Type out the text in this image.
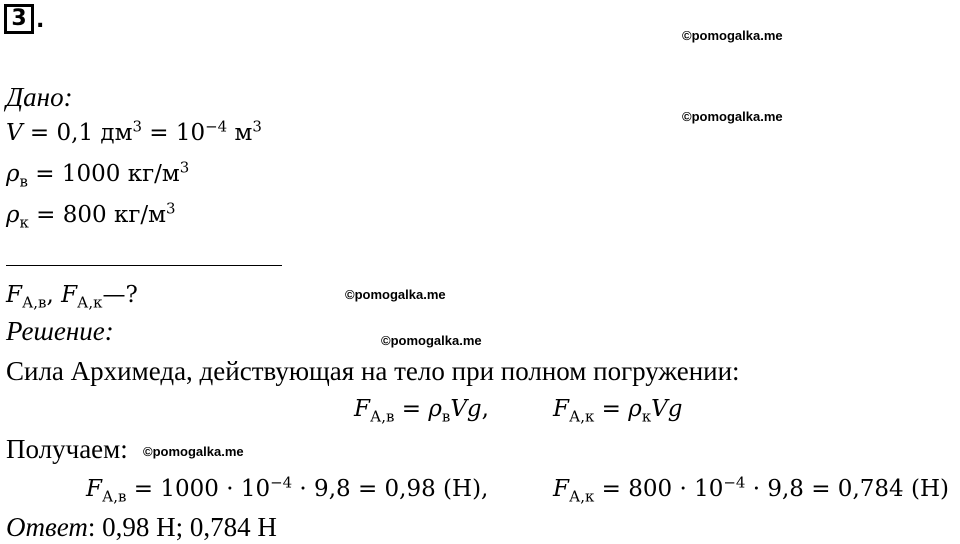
3 .
©pomogalka.me
©pomogalka.me
©pomogalka.me
©pomogalka.me
©pomogalka.me
Дано:
V = 0,1 $дм^3 = 10^{-4}$ $м^3$
$\rho_в = 1000$ $кг/м^3$
$\rho_к = 800$ $кг/м^3$
$F_{А,в}$, $F_{А,к}—$?
Решение:
Сила Архимеда, действующая на тело при полном погружении:
$F_{А,в} = \rho_вVg$,	$F_{А,к} = \rho_кVg$
Получаем:
$F_{А,в} = 1000 \cdot 10^{-4} \cdot 9,8 = 0,98$ (Н),	$F_{А,к} = 800 \cdot 10^{-4} \cdot 9,8 = 0,784$ (Н)
Ответ: 0,98 Н; 0,784 Н
